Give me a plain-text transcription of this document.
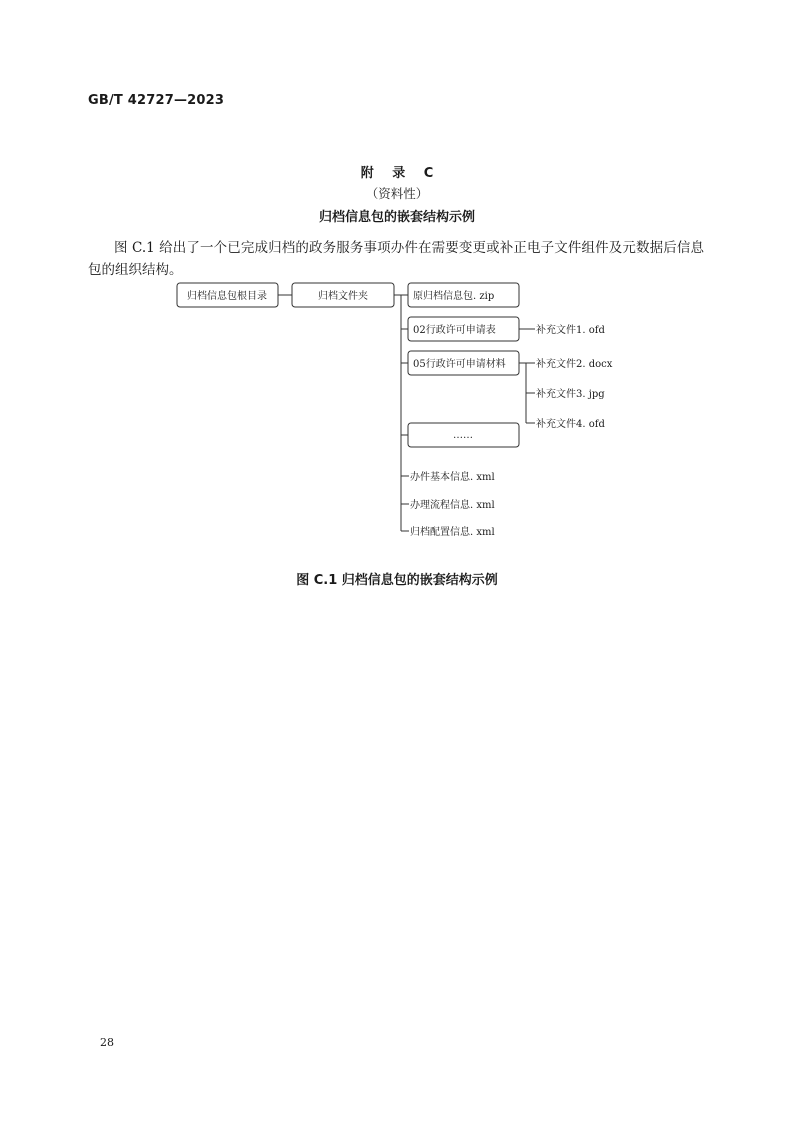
GB/T 42727—2023
附 录 C
（资料性）
归档信息包的嵌套结构示例
图 C.1 给出了一个已完成归档的政务服务事项办件在需要变更或补正电子文件组件及元数据后信息包的组织结构。
归档信息包根目录	归档文件夹	原归档信息包. zip
02行政许可申请表
05行政许可申请材料
……
补充文件1. ofd
补充文件2. docx
补充文件3. jpg
补充文件4. ofd
办件基本信息. xml
办理流程信息. xml
归档配置信息. xml
图 C.1 归档信息包的嵌套结构示例
28
